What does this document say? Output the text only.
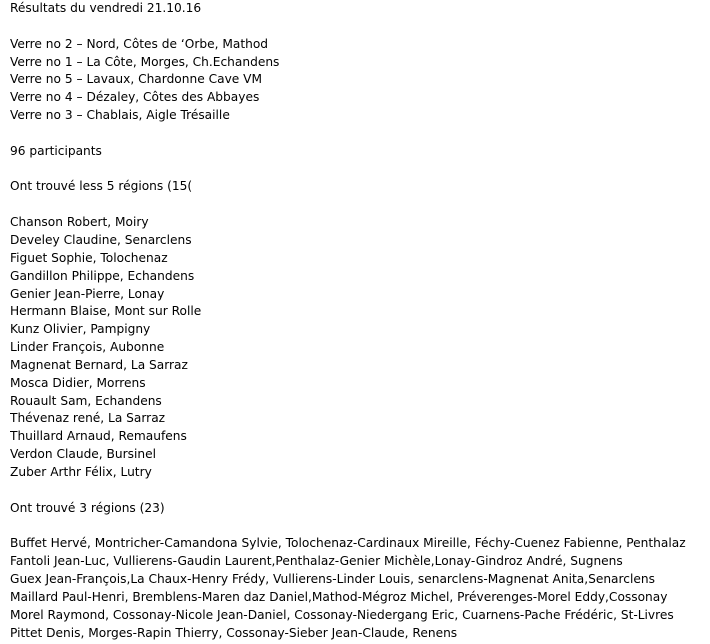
Résultats du vendredi 21.10.16
Verre no 2 – Nord, Côtes de ‘Orbe, Mathod
Verre no 1 – La Côte, Morges, Ch.Echandens
Verre no 5 – Lavaux, Chardonne Cave VM
Verre no 4 – Dézaley, Côtes des Abbayes
Verre no 3 – Chablais, Aigle Trésaille
96 participants
Ont trouvé less 5 régions (15(
Chanson Robert, Moiry
Develey Claudine, Senarclens
Figuet Sophie, Tolochenaz
Gandillon Philippe, Echandens
Genier Jean-Pierre, Lonay
Hermann Blaise, Mont sur Rolle
Kunz Olivier, Pampigny
Linder François, Aubonne
Magnenat Bernard, La Sarraz
Mosca Didier, Morrens
Rouault Sam, Echandens
Thévenaz rené, La Sarraz
Thuillard Arnaud, Remaufens
Verdon Claude, Bursinel
Zuber Arthr Félix, Lutry
Ont trouvé 3 régions (23)
Buffet Hervé, Montricher-Camandona Sylvie, Tolochenaz-Cardinaux Mireille, Féchy-Cuenez Fabienne, Penthalaz
Fantoli Jean-Luc, Vullierens-Gaudin Laurent,Penthalaz-Genier Michèle,Lonay-Gindroz André, Sugnens
Guex Jean-François,La Chaux-Henry Frédy, Vullierens-Linder Louis, senarclens-Magnenat Anita,Senarclens
Maillard Paul-Henri, Bremblens-Maren daz Daniel,Mathod-Mégroz Michel, Préverenges-Morel Eddy,Cossonay
Morel Raymond, Cossonay-Nicole Jean-Daniel, Cossonay-Niedergang Eric, Cuarnens-Pache Frédéric, St-Livres
Pittet Denis, Morges-Rapin Thierry, Cossonay-Sieber Jean-Claude, Renens
